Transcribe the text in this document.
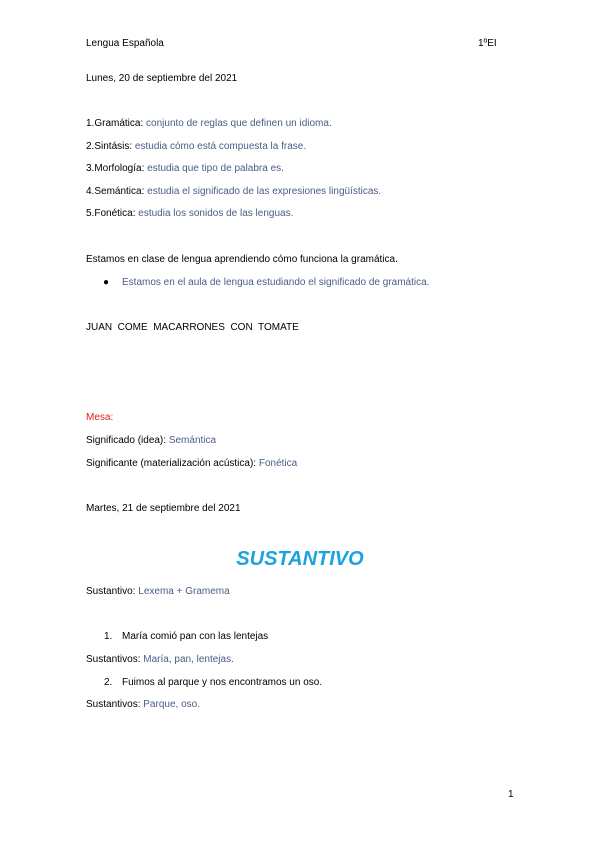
Lengua Española	1ºEI
Lunes, 20 de septiembre del 2021
1.Gramática: conjunto de reglas que definen un idioma.
2.Sintásis: estudia cómo está compuesta la frase.
3.Morfología: estudia que tipo de palabra es.
4.Semántica: estudia el significado de las expresiones lingüísticas.
5.Fonética: estudia los sonidos de las lenguas.
Estamos en clase de lengua aprendiendo cómo funciona la gramática.
● Estamos en el aula de lengua estudiando el significado de gramática.
JUAN  COME  MACARRONES  CON  TOMATE
Mesa:
Significado (idea): Semántica
Significante (materialización acústica): Fonética
Martes, 21 de septiembre del 2021
SUSTANTIVO
Sustantivo: Lexema + Gramema
1. María comió pan con las lentejas
Sustantivos: María, pan, lentejas.
2. Fuimos al parque y nos encontramos un oso.
Sustantivos: Parque, oso.
1
